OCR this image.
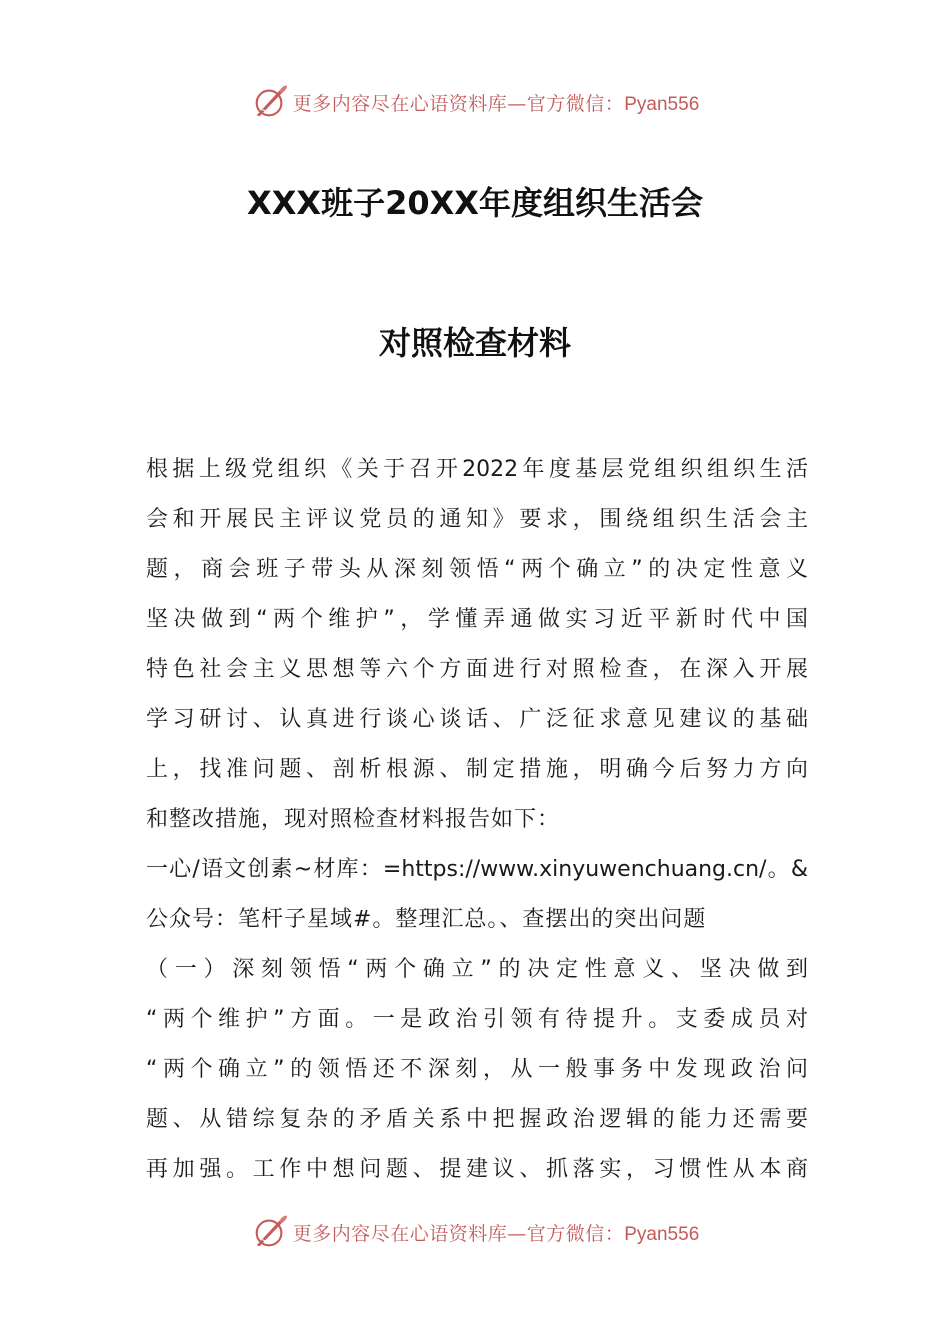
更多内容尽在心语资料库—官方微信：Pyan556
XXX班子20XX年度组织生活会
对照检查材料
根据上级党组织《关于召开2022年度基层党组织组织生活
会和开展民主评议党员的通知》要求，围绕组织生活会主
题，商会班子带头从深刻领悟“两个确立”的决定性意义
坚决做到“两个维护”，学懂弄通做实习近平新时代中国
特色社会主义思想等六个方面进行对照检查，在深入开展
学习研讨、认真进行谈心谈话、广泛征求意见建议的基础
上，找准问题、剖析根源、制定措施，明确今后努力方向
和整改措施，现对照检查材料报告如下：
一心/语文创素~材库：=https://www.xinyuwenchuang.cn/。&
公众号：笔杆子星域#。整理汇总。、查摆出的突出问题
（一）深刻领悟“两个确立”的决定性意义、坚决做到
“两个维护”方面。一是政治引领有待提升。支委成员对
“两个确立”的领悟还不深刻，从一般事务中发现政治问
题、从错综复杂的矛盾关系中把握政治逻辑的能力还需要
再加强。工作中想问题、提建议、抓落实，习惯性从本商
更多内容尽在心语资料库—官方微信：Pyan556
